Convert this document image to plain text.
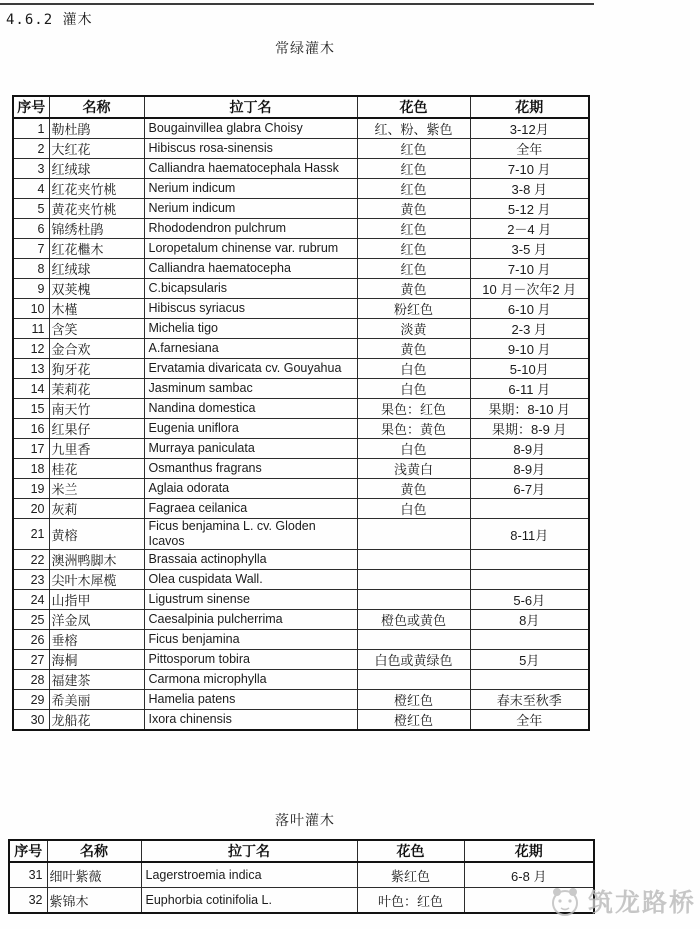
4.6.2 灌木
常绿灌木
序号	名称	拉丁名	花色	花期
1	勒杜鹃	Bougainvillea glabra Choisy	红、粉、紫色	3-12月
2	大红花	Hibiscus rosa-sinensis	红色	全年
3	红绒球	Calliandra haematocephala Hassk	红色	7-10 月
4	红花夹竹桃	Nerium indicum	红色	3-8 月
5	黄花夹竹桃	Nerium indicum	黄色	5-12 月
6	锦绣杜鹃	Rhododendron pulchrum	红色	2－4 月
7	红花檵木	Loropetalum chinense var. rubrum	红色	3-5 月
8	红绒球	Calliandra haematocepha	红色	7-10 月
9	双荚槐	C.bicapsularis	黄色	10 月－次年2 月
10	木槿	Hibiscus syriacus	粉红色	6-10 月
11	含笑	Michelia tigo	淡黄	2-3 月
12	金合欢	A.farnesiana	黄色	9-10 月
13	狗牙花	Ervatamia divaricata cv. Gouyahua	白色	5-10月
14	茉莉花	Jasminum sambac	白色	6-11 月
15	南天竹	Nandina domestica	果色：红色	果期：8-10 月
16	红果仔	Eugenia uniflora	果色：黄色	果期：8-9 月
17	九里香	Murraya paniculata	白色	8-9月
18	桂花	Osmanthus fragrans	浅黄白	8-9月
19	米兰	Aglaia odorata	黄色	6-7月
20	灰莉	Fagraea ceilanica	白色	
21	黄榕	Ficus benjamina L. cv. Gloden Icavos		8-11月
22	澳洲鸭脚木	Brassaia actinophylla		
23	尖叶木犀榄	Olea cuspidata Wall.		
24	山指甲	Ligustrum sinense		5-6月
25	洋金凤	Caesalpinia pulcherrima	橙色或黄色	8月
26	垂榕	Ficus benjamina		
27	海桐	Pittosporum tobira	白色或黄绿色	5月
28	福建茶	Carmona microphylla		
29	希美丽	Hamelia patens	橙红色	春末至秋季
30	龙船花	Ixora chinensis	橙红色	全年
落叶灌木
序号	名称	拉丁名	花色	花期
31	细叶紫薇	Lagerstroemia indica	紫红色	6-8 月
32	紫锦木	Euphorbia cotinifolia L.	叶色：红色		筑龙路桥
